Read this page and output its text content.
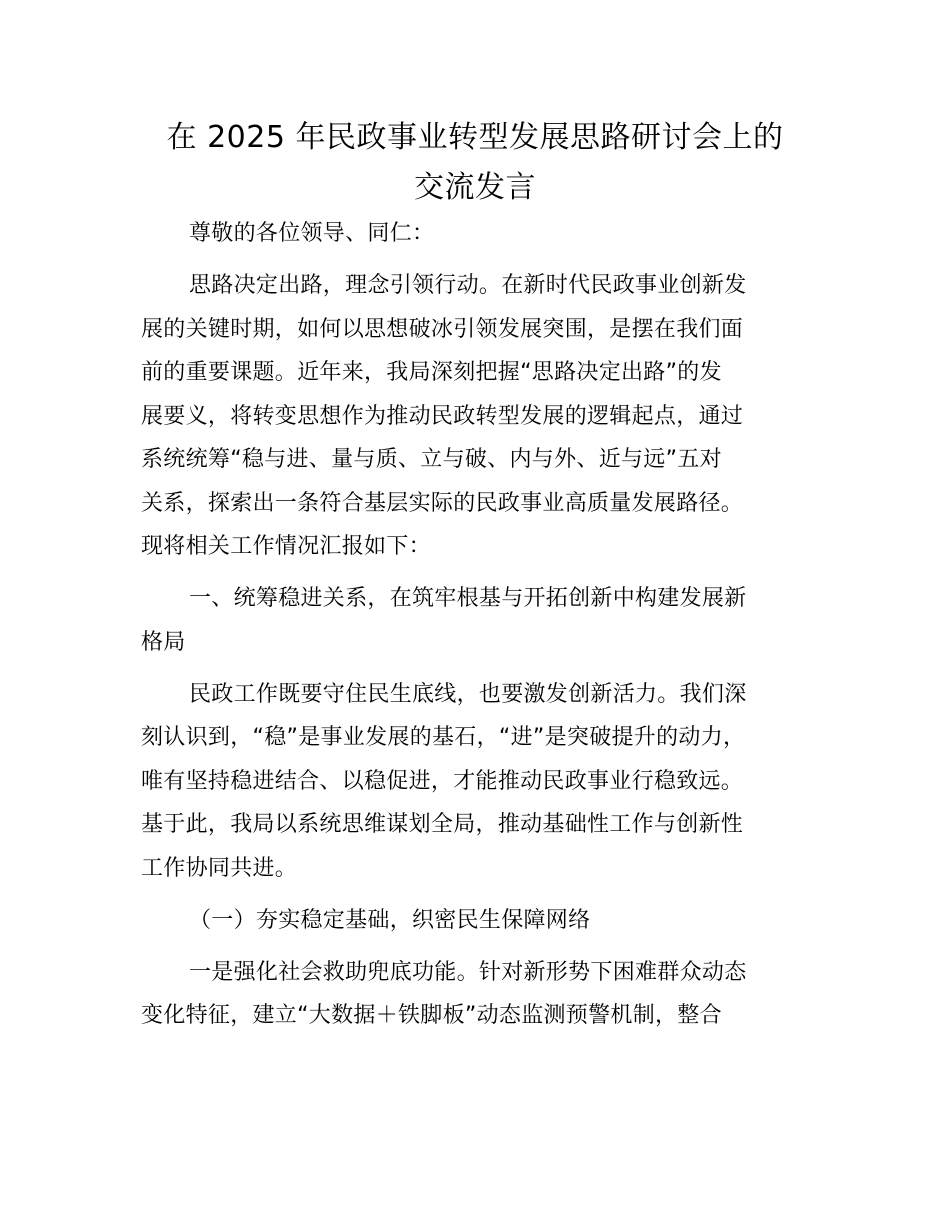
在 2025 年民政事业转型发展思路研讨会上的
交流发言
尊敬的各位领导、同仁：
思路决定出路，理念引领行动。在新时代民政事业创新发
展的关键时期，如何以思想破冰引领发展突围，是摆在我们面
前的重要课题。近年来，我局深刻把握“思路决定出路”的发
展要义，将转变思想作为推动民政转型发展的逻辑起点，通过
系统统筹“稳与进、量与质、立与破、内与外、近与远”五对
关系，探索出一条符合基层实际的民政事业高质量发展路径。
现将相关工作情况汇报如下：
一、统筹稳进关系，在筑牢根基与开拓创新中构建发展新
格局
民政工作既要守住民生底线，也要激发创新活力。我们深
刻认识到，“稳”是事业发展的基石，“进”是突破提升的动力，
唯有坚持稳进结合、以稳促进，才能推动民政事业行稳致远。
基于此，我局以系统思维谋划全局，推动基础性工作与创新性
工作协同共进。
（一）夯实稳定基础，织密民生保障网络
一是强化社会救助兜底功能。针对新形势下困难群众动态
变化特征，建立“大数据＋铁脚板”动态监测预警机制，整合
